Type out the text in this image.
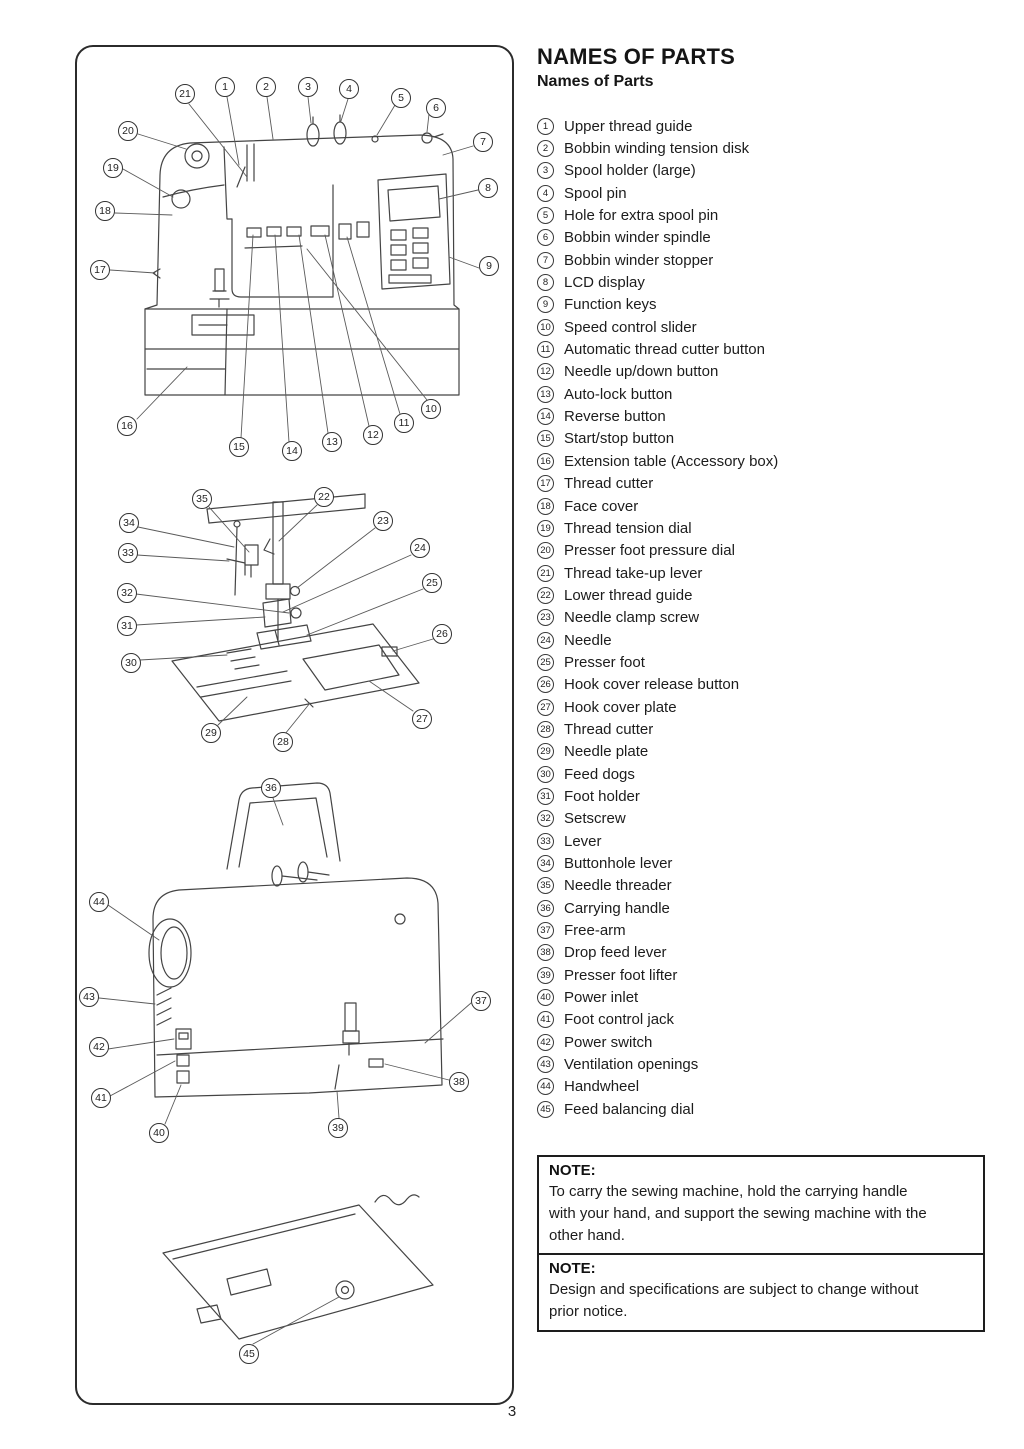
21
1	2	3	4
5
6
7
8
9
20
19
18
17
16
15	14
13
12
11
10
35	22
23
24
25
26
27
28
29
30
31
32
33
34
36
44
43
42
41
40
37
38
39
45
NAMES OF PARTS
Names of Parts
1	Upper thread guide
2	Bobbin winding tension disk
3	Spool holder (large)
4	Spool pin
5	Hole for extra spool pin
6	Bobbin winder spindle
7	Bobbin winder stopper
8	LCD display
9	Function keys
10 Speed control slider
11 Automatic thread cutter button
12 Needle up/down button
13 Auto-lock button
14 Reverse button
15 Start/stop button
16 Extension table (Accessory box)
17 Thread cutter
18 Face cover
19 Thread tension dial
20 Presser foot pressure dial
21 Thread take-up lever
22 Lower thread guide
23 Needle clamp screw
24 Needle
25 Presser foot
26 Hook cover release button
27 Hook cover plate
28 Thread cutter
29 Needle plate
30 Feed dogs
31 Foot holder
32 Setscrew
33 Lever
34 Buttonhole lever
35 Needle threader
36 Carrying handle
37 Free-arm
38 Drop feed lever
39 Presser foot lifter
40 Power inlet
41 Foot control jack
42 Power switch
43 Ventilation openings
44 Handwheel
45 Feed balancing dial
NOTE:
To carry the sewing machine, hold the carrying handle with your hand, and support the sewing machine with the other hand.
NOTE:
Design and specifications are subject to change without prior notice.
3
